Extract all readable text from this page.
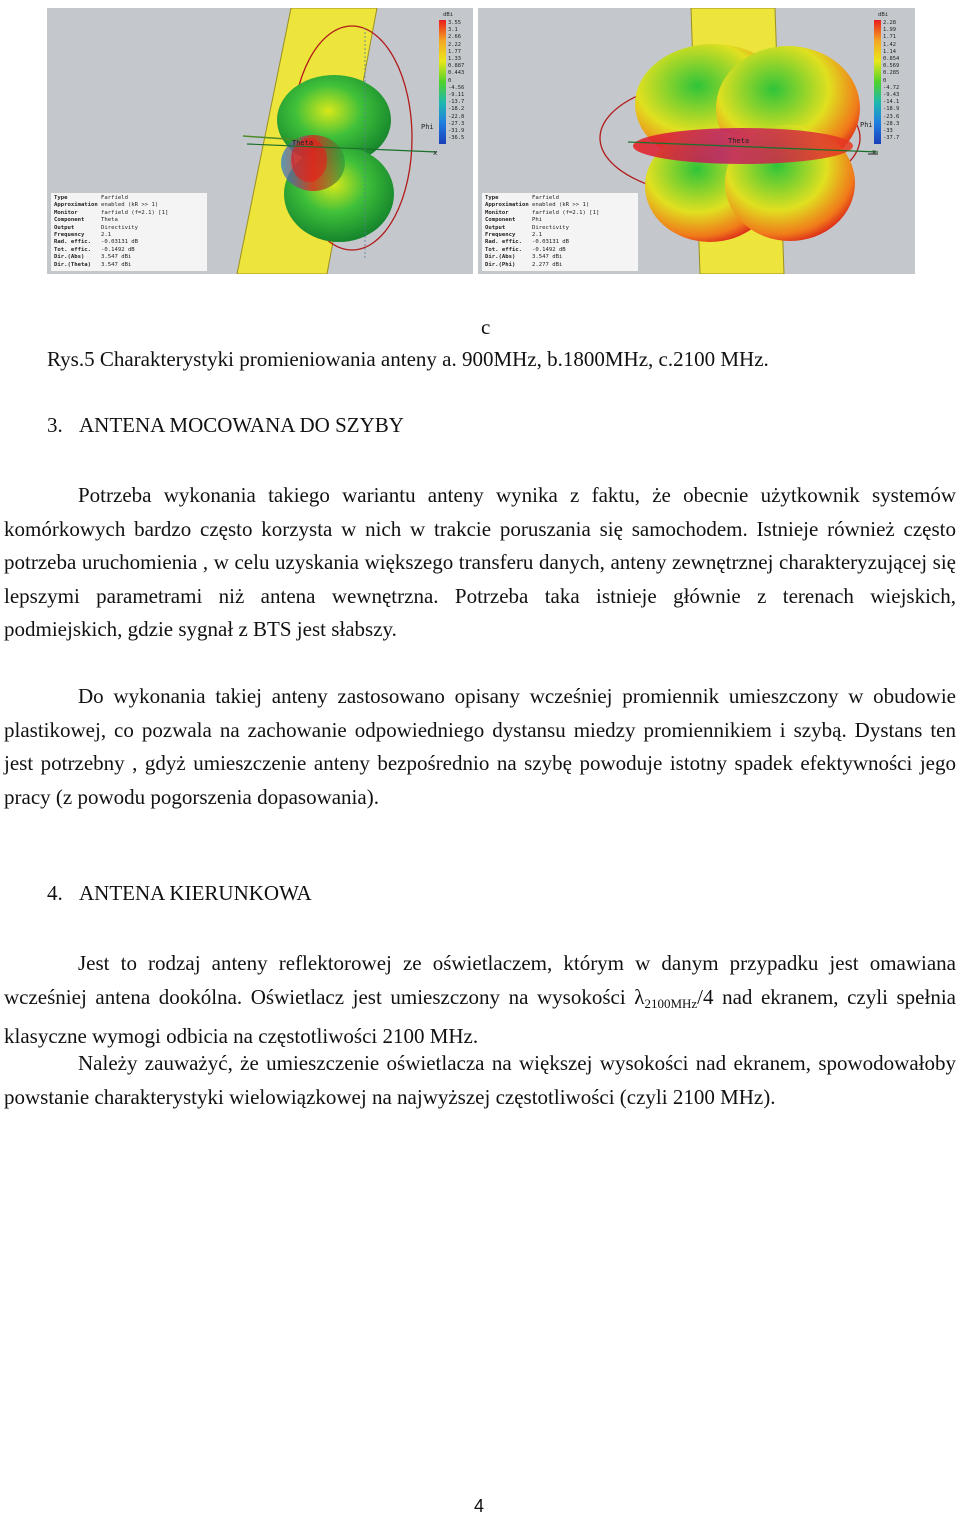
Theta
Phi
x
dBi
3.55
3.1
2.66
2.22
1.77
1.33
0.887
0.443
0
-4.56
-9.11
-13.7
-18.2
-22.8
-27.3
-31.9
-36.5
Type	Farfield
Approximation enabled (kR >> 1)
Monitor	farfield (f=2.1) [1]
Component	Theta
Output	Directivity
Frequency	2.1
Rad. effic.	-0.03131 dB
Tot. effic.	-0.1492 dB
Dir.(Abs)	3.547 dBi
Dir.(Theta)	3.547 dBi
Theta
Phi
x
dBi
2.28
1.99
1.71
1.42
1.14
0.854
0.569
0.285
0
-4.72
-9.43
-14.1
-18.9
-23.6
-28.3
-33
-37.7
Type	Farfield
Approximation enabled (kR >> 1)
Monitor	farfield (f=2.1) [1]
Component	Phi
Output	Directivity
Frequency	2.1
Rad. effic.	-0.03131 dB
Tot. effic.	-0.1492 dB
Dir.(Abs)	3.547 dBi
Dir.(Phi)	2.277 dBi
c
Rys.5 Charakterystyki promieniowania anteny a. 900MHz, b.1800MHz, c.2100 MHz.
3. ANTENA MOCOWANA DO SZYBY

Potrzeba wykonania takiego wariantu anteny wynika z faktu, że obecnie użytkownik systemów komórkowych bardzo często korzysta w nich w trakcie poruszania się samochodem. Istnieje również często potrzeba uruchomienia , w celu uzyskania większego transferu danych, anteny zewnętrznej charakteryzującej się lepszymi parametrami niż antena wewnętrzna. Potrzeba taka istnieje głównie z terenach wiejskich, podmiejskich, gdzie sygnał z BTS jest słabszy.

Do wykonania takiej anteny zastosowano opisany wcześniej promiennik umieszczony w obudowie plastikowej, co pozwala na zachowanie odpowiedniego dystansu miedzy promiennikiem i szybą. Dystans ten jest potrzebny , gdyż umieszczenie anteny bezpośrednio na szybę powoduje istotny spadek efektywności jego pracy (z powodu pogorszenia dopasowania).

4. ANTENA KIERUNKOWA

Jest to rodzaj anteny reflektorowej ze oświetlaczem, którym w danym przypadku jest omawiana wcześniej antena dookólna. Oświetlacz jest umieszczony na wysokości $\lambda_{2100MHz}/4$ nad ekranem, czyli spełnia klasyczne wymogi odbicia na częstotliwości 2100 MHz.

Należy zauważyć, że umieszczenie oświetlacza na większej wysokości nad ekranem, spowodowałoby powstanie charakterystyki wielowiązkowej na najwyższej częstotliwości (czyli 2100 MHz).

4
